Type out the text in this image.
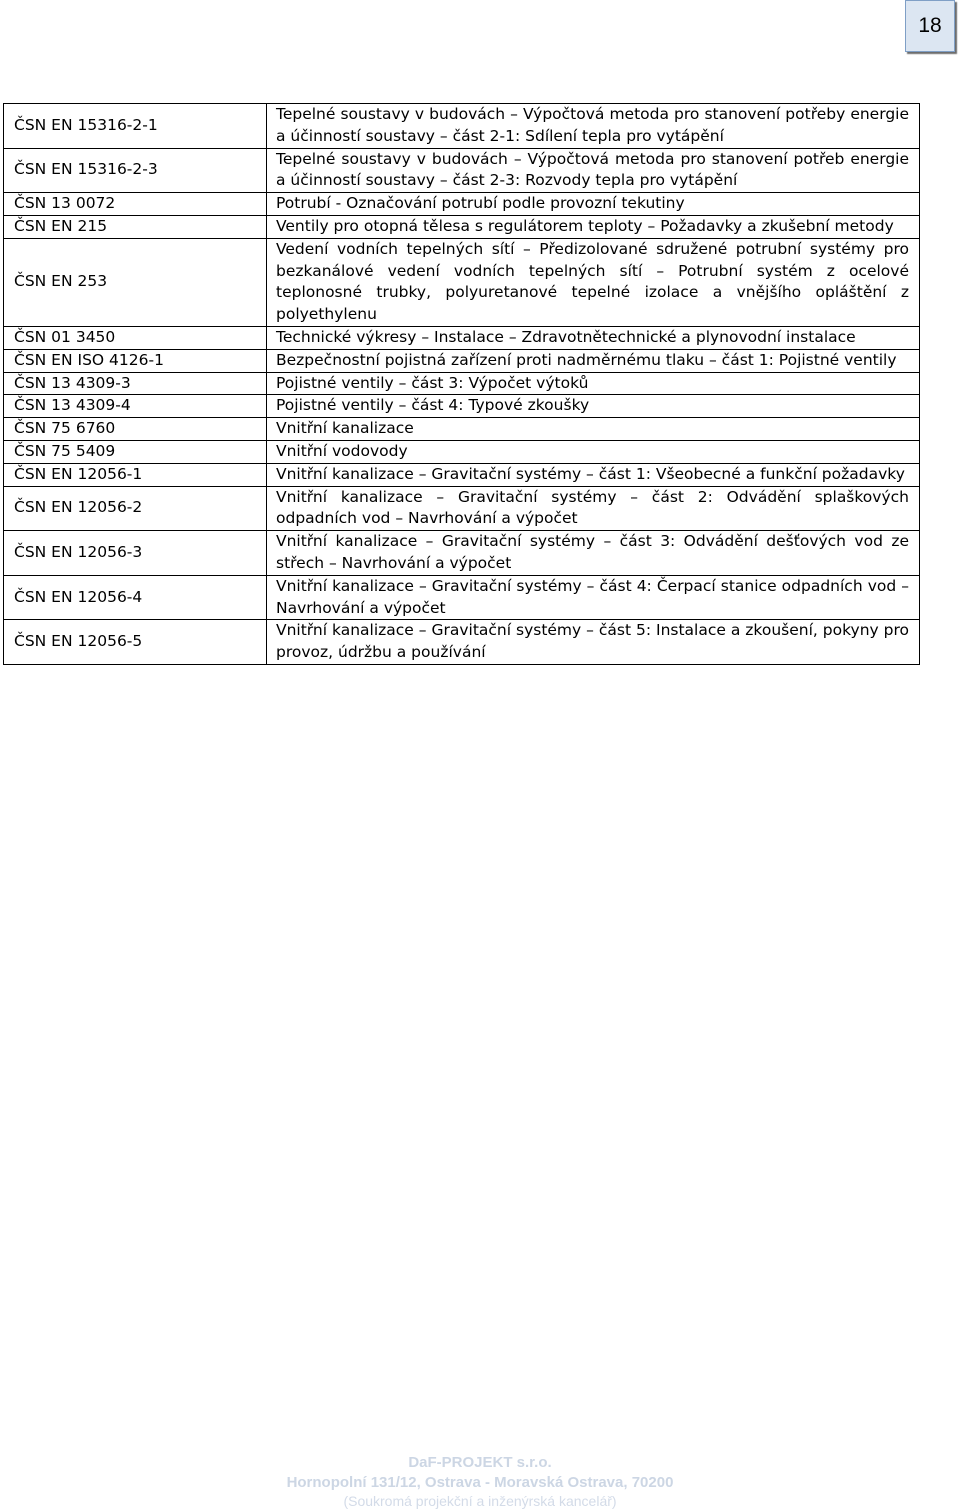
18
ČSN EN 15316-2-1	Tepelné soustavy v budovách – Výpočtová metoda pro stanovení potřeby energie a účinností soustavy – část 2-1: Sdílení tepla pro vytápění
ČSN EN 15316-2-3	Tepelné soustavy v budovách – Výpočtová metoda pro stanovení potřeb energie a účinností soustavy – část 2-3: Rozvody tepla pro vytápění
ČSN 13 0072	Potrubí - Označování potrubí podle provozní tekutiny
ČSN EN 215	Ventily pro otopná tělesa s regulátorem teploty – Požadavky a zkušební metody
ČSN EN 253	Vedení vodních tepelných sítí – Předizolované sdružené potrubní systémy pro bezkanálové vedení vodních tepelných sítí – Potrubní systém z ocelové teplonosné trubky, polyuretanové tepelné izolace a vnějšího opláštění z polyethylenu
ČSN 01 3450	Technické výkresy – Instalace – Zdravotnětechnické a plynovodní instalace
ČSN EN ISO 4126-1	Bezpečnostní pojistná zařízení proti nadměrnému tlaku – část 1: Pojistné ventily
ČSN 13 4309-3	Pojistné ventily – část 3: Výpočet výtoků
ČSN 13 4309-4	Pojistné ventily – část 4: Typové zkoušky
ČSN 75 6760	Vnitřní kanalizace
ČSN 75 5409	Vnitřní vodovody
ČSN EN 12056-1	Vnitřní kanalizace – Gravitační systémy – část 1: Všeobecné a funkční požadavky
ČSN EN 12056-2	Vnitřní kanalizace – Gravitační systémy – část 2: Odvádění splaškových odpadních vod – Navrhování a výpočet
ČSN EN 12056-3	Vnitřní kanalizace – Gravitační systémy – část 3: Odvádění dešťových vod ze střech – Navrhování a výpočet
ČSN EN 12056-4	Vnitřní kanalizace – Gravitační systémy – část 4: Čerpací stanice odpadních vod – Navrhování a výpočet
ČSN EN 12056-5	Vnitřní kanalizace – Gravitační systémy – část 5: Instalace a zkoušení, pokyny pro provoz, údržbu a používání
DaF-PROJEKT s.r.o.
Hornopolní 131/12, Ostrava - Moravská Ostrava, 70200
(Soukromá projekční a inženýrská kancelář)
